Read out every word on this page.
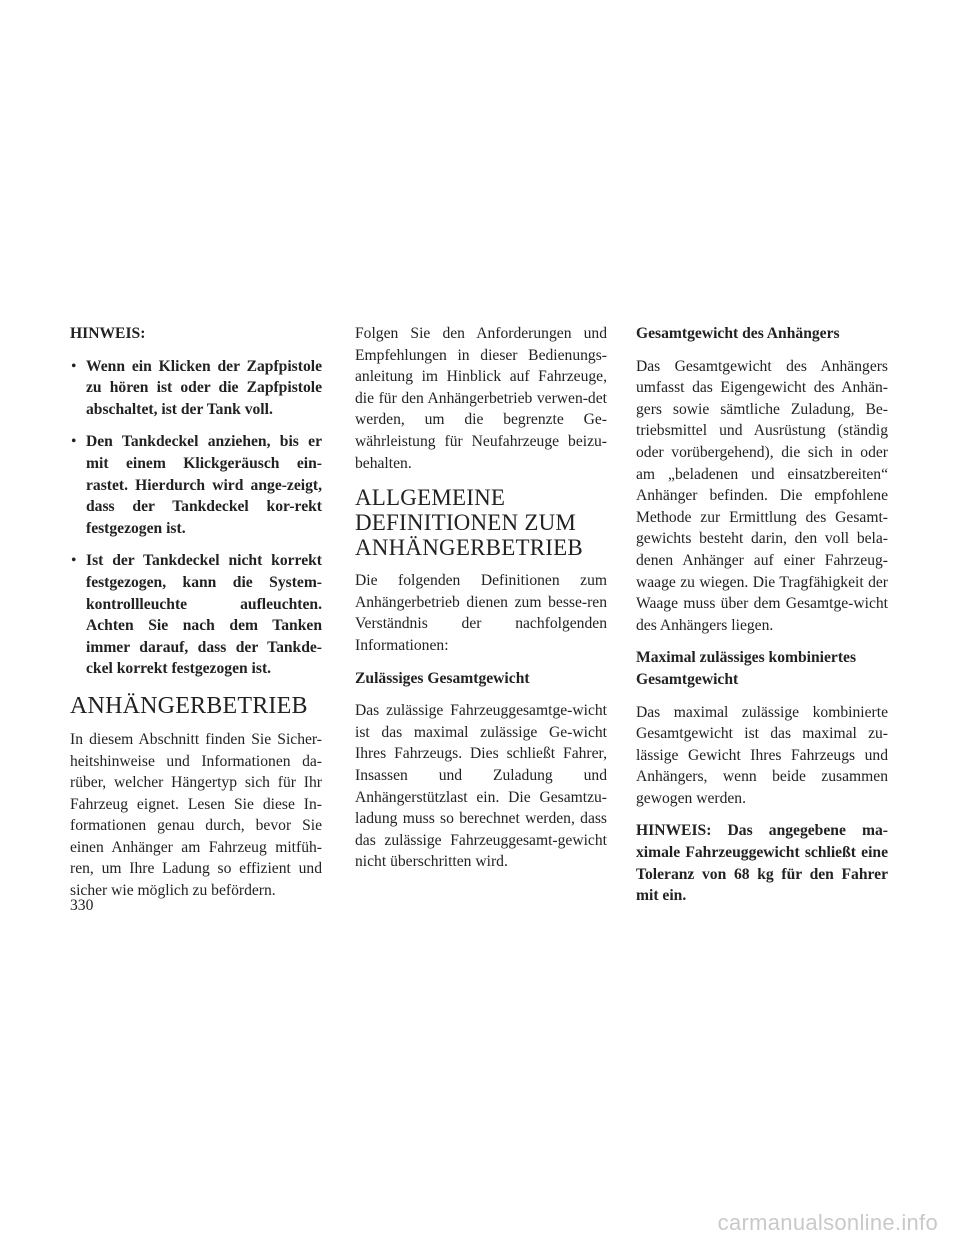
HINWEIS:

• Wenn ein Klicken der Zapfpistole zu hören ist oder die Zapfpistole abschaltet, ist der Tank voll.
• Den Tankdeckel anziehen, bis er mit einem Klickgeräusch ein-rastet. Hierdurch wird ange-zeigt, dass der Tankdeckel kor-rekt festgezogen ist.
• Ist der Tankdeckel nicht korrekt festgezogen, kann die System-kontrollleuchte aufleuchten. Achten Sie nach dem Tanken immer darauf, dass der Tankde-ckel korrekt festgezogen ist.
ANHÄNGERBETRIEB

In diesem Abschnitt finden Sie Sicher-heitshinweise und Informationen da-rüber, welcher Hängertyp sich für Ihr Fahrzeug eignet. Lesen Sie diese In-formationen genau durch, bevor Sie einen Anhänger am Fahrzeug mitfüh-ren, um Ihre Ladung so effizient und sicher wie möglich zu befördern.

Folgen Sie den Anforderungen und Empfehlungen in dieser Bedienungs-anleitung im Hinblick auf Fahrzeuge, die für den Anhängerbetrieb verwen-det werden, um die begrenzte Ge-währleistung für Neufahrzeuge beizu-behalten.

ALLGEMEINE DEFINITIONEN ZUM ANHÄNGERBETRIEB

Die folgenden Definitionen zum Anhängerbetrieb dienen zum besse-ren Verständnis der nachfolgenden Informationen:

Zulässiges Gesamtgewicht

Das zulässige Fahrzeuggesamtge-wicht ist das maximal zulässige Ge-wicht Ihres Fahrzeugs. Dies schließt Fahrer, Insassen und Zuladung und Anhängerstützlast ein. Die Gesamtzu-ladung muss so berechnet werden, dass das zulässige Fahrzeuggesamt-gewicht nicht überschritten wird.

Gesamtgewicht des Anhängers

Das Gesamtgewicht des Anhängers umfasst das Eigengewicht des Anhän-gers sowie sämtliche Zuladung, Be-triebsmittel und Ausrüstung (ständig oder vorübergehend), die sich in oder am „beladenen und einsatzbereiten“ Anhänger befinden. Die empfohlene Methode zur Ermittlung des Gesamt-gewichts besteht darin, den voll bela-denen Anhänger auf einer Fahrzeug-waage zu wiegen. Die Tragfähigkeit der Waage muss über dem Gesamtge-wicht des Anhängers liegen.

Maximal zulässiges kombiniertes Gesamtgewicht

Das maximal zulässige kombinierte Gesamtgewicht ist das maximal zu-lässige Gewicht Ihres Fahrzeugs und Anhängers, wenn beide zusammen gewogen werden.

HINWEIS: Das angegebene ma-ximale Fahrzeuggewicht schließt eine Toleranz von 68 kg für den Fahrer mit ein.

330
carmanualsonline.info
